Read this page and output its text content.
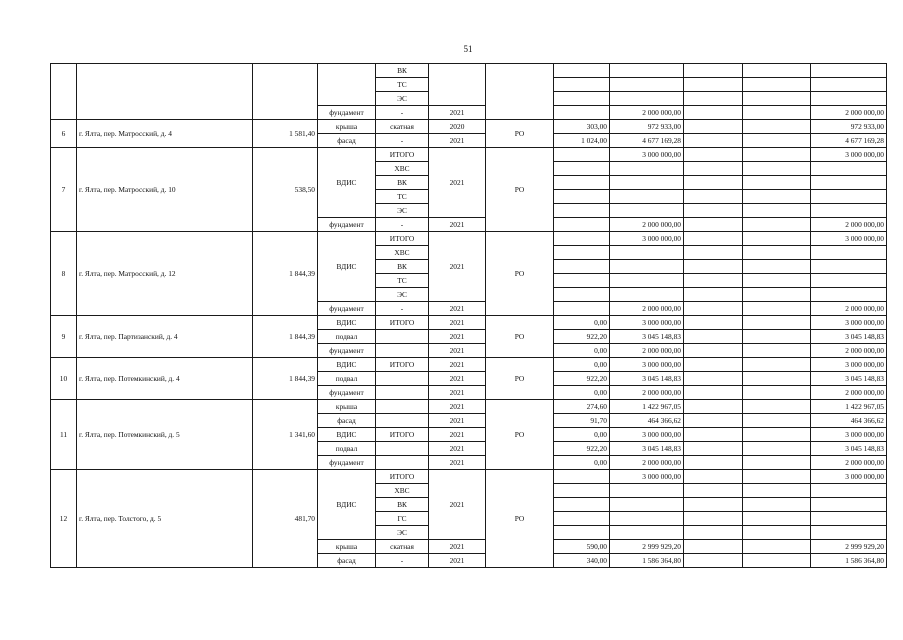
51
				ВК							
				ТС							
				ЭС							
			фундамент	-	2021			2 000 000,00			2 000 000,00
6	г. Ялта, пер. Матросский, д. 4	1 581,40	крыша	скатная	2020	РО	303,00	972 933,00			972 933,00
			фасад	-	2021		1 024,00	4 677 169,28			4 677 169,28
7	г. Ялта, пер. Матросский, д. 10	538,50	ВДИС	ИТОГО	2021	РО		3 000 000,00			3 000 000,00
				ХВС							
				ВК							
				ТС							
				ЭС							
			фундамент	-	2021			2 000 000,00			2 000 000,00
8	г. Ялта, пер. Матросский, д. 12	1 844,39	ВДИС	ИТОГО	2021	РО		3 000 000,00			3 000 000,00
				ХВС							
				ВК							
				ТС							
				ЭС							
			фундамент	-	2021			2 000 000,00			2 000 000,00
9	г. Ялта, пер. Партизанский, д. 4	1 844,39	ВДИС	ИТОГО	2021	РО	0,00	3 000 000,00			3 000 000,00
			подвал		2021		922,20	3 045 148,83			3 045 148,83
			фундамент		2021		0,00	2 000 000,00			2 000 000,00
10	г. Ялта, пер. Потемкинский, д. 4	1 844,39	ВДИС	ИТОГО	2021	РО	0,00	3 000 000,00			3 000 000,00
			подвал		2021		922,20	3 045 148,83			3 045 148,83
			фундамент		2021		0,00	2 000 000,00			2 000 000,00
11	г. Ялта, пер. Потемкинский, д. 5	1 341,60	крыша		2021	РО	274,60	1 422 967,05			1 422 967,05
			фасад		2021		91,70	464 366,62			464 366,62
			ВДИС	ИТОГО	2021		0,00	3 000 000,00			3 000 000,00
			подвал		2021		922,20	3 045 148,83			3 045 148,83
			фундамент		2021		0,00	2 000 000,00			2 000 000,00
12	г. Ялта, пер. Толстого, д. 5	481,70	ВДИС	ИТОГО	2021	РО		3 000 000,00			3 000 000,00
				ХВС							
				ВК							
				ГС							
				ЭС							
			крыша	скатная	2021		590,00	2 999 929,20			2 999 929,20
			фасад	-	2021		340,00	1 586 364,80			1 586 364,80
